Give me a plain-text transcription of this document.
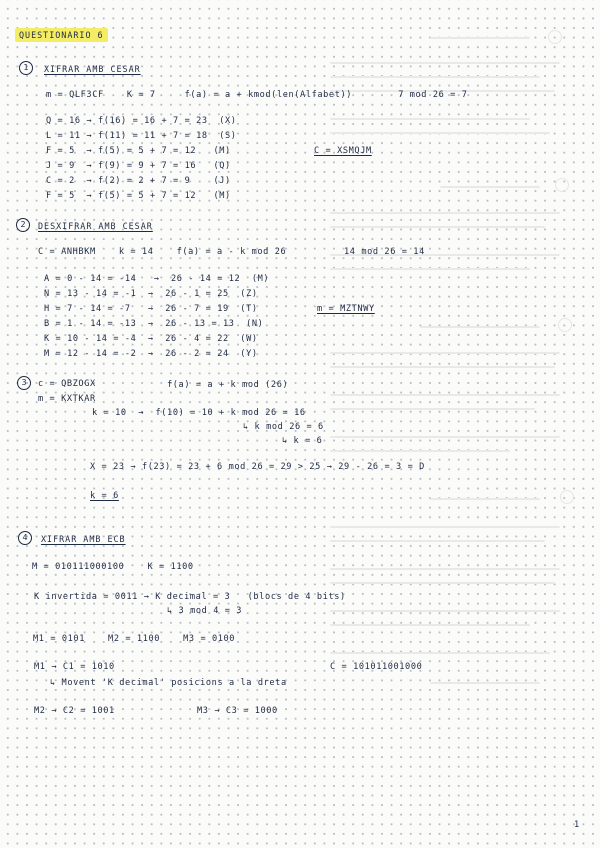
QUESTIONARIO 6
1	XIFRAR AMB CESAR
m = QLF3CF    K = 7     f(a) = a + kmod(len(Alfabet))        7 mod 26 = 7
Q = 16 → f(16) = 16 + 7 = 23  (X)
L = 11 → f(11) = 11 + 7 = 18  (S)
F = 5  → f(5) = 5 + 7 = 12   (M)
J = 9  → f(9) = 9 + 7 = 16   (Q)
C = 2  → f(2) = 2 + 7 = 9    (J)
F = 5  → f(5) = 5 + 7 = 12   (M)
C = XSMQJM
2	DESXIFRAR AMB CESAR
C = ANHBKM    k = 14    f(a) = a - k mod 26          14 mod 26 = 14
A = 0 - 14 = -14   →  26 - 14 = 12  (M)
N = 13 - 14 = -1  →  26 - 1 = 25  (Z)
H = 7 - 14 = -7   →  26 - 7 = 19  (T)
B = 1 - 14 = -13  →  26 - 13 = 13  (N)
K = 10 - 14 = -4  →  26 - 4 = 22  (W)
M = 12 - 14 = -2  →  26 - 2 = 24  (Y)
m = MZTNWY
3	c = QBZOGX	f(a) = a + k mod (26)
m = KXTKAR
k = 10  →  f(10) = 10 + k mod 26 = 16
↳ k mod 26 = 6
↳ k = 6
X = 23 → f(23) = 23 + 6 mod 26 = 29 > 25 → 29 - 26 = 3 = D
k = 6
4	XIFRAR AMB ECB
M = 010111000100    K = 1100
K invertida = 0011 → K decimal = 3   (blocs de 4 bits)
↳ 3 mod 4 = 3
M1 = 0101    M2 = 1100    M3 = 0100
M1 → C1 = 1010	C = 101011001000
↳ Movent 'K decimal' posicions a la dreta
M2 → C2 = 1001	M3 → C3 = 1000
1
